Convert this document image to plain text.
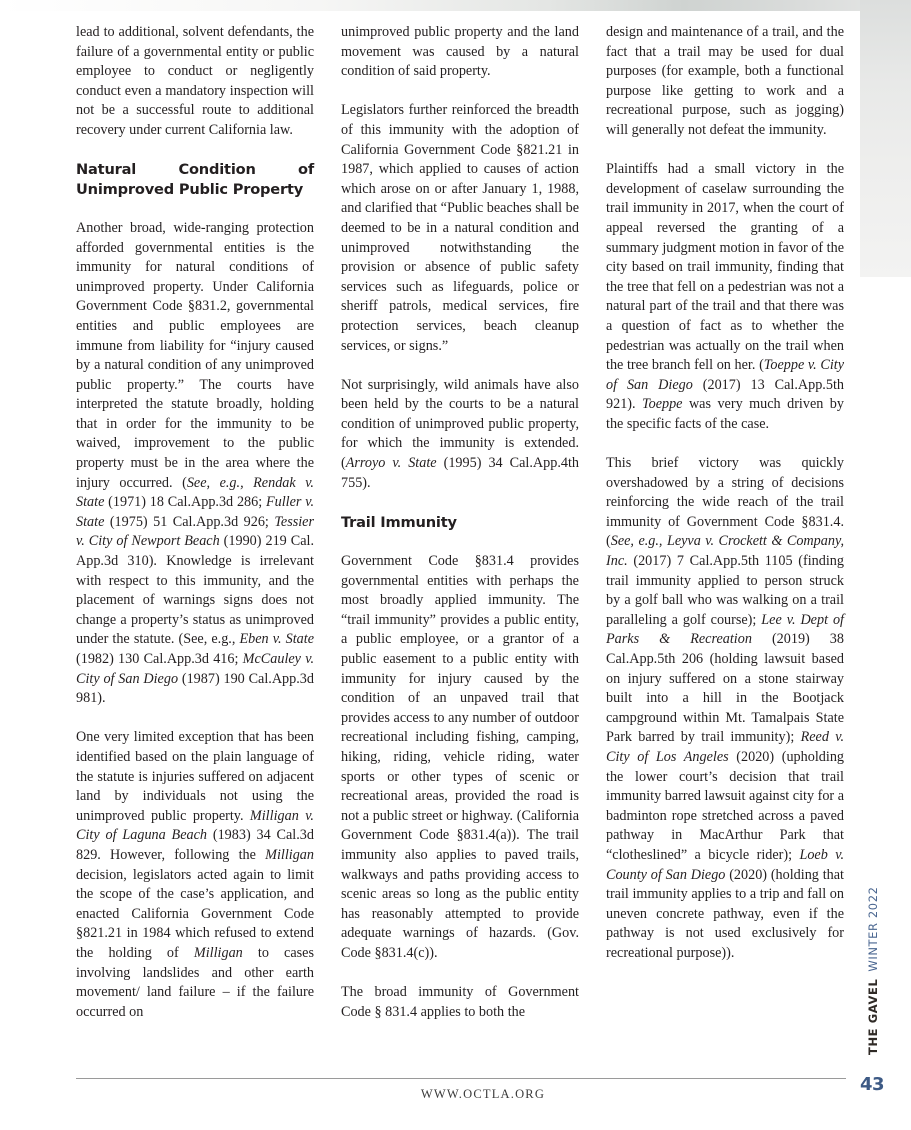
lead to additional, solvent defendants, the failure of a governmental entity or public employee to conduct or negligently conduct even a mandatory inspection will not be a successful route to additional recovery under current California law.

Natural Condition of Unimproved Public Property

Another broad, wide-ranging protection afforded governmental entities is the immunity for natural conditions of unimproved property. Under California Government Code §831.2, governmental entities and public employees are immune from liability for “injury caused by a natural condition of any unimproved public property.” The courts have interpreted the statute broadly, holding that in order for the immunity to be waived, improvement to the public property must be in the area where the injury occurred. (See, e.g., Rendak v. State (1971) 18 Cal.App.3d 286; Fuller v. State (1975) 51 Cal.App.3d 926; Tessier v. City of Newport Beach (1990) 219 Cal. App.3d 310). Knowledge is irrelevant with respect to this immunity, and the placement of warnings signs does not change a property’s status as unimproved under the statute. (See, e.g., Eben v. State (1982) 130 Cal.App.3d 416; McCauley v. City of San Diego (1987) 190 Cal.App.3d 981).

One very limited exception that has been identified based on the plain language of the statute is injuries suffered on adjacent land by individuals not using the unimproved public property. Milligan v. City of Laguna Beach (1983) 34 Cal.3d 829. However, following the Milligan decision, legislators acted again to limit the scope of the case’s application, and enacted California Government Code §821.21 in 1984 which refused to extend the holding of Milligan to cases involving landslides and other earth movement/ land failure – if the failure occurred on

unimproved public property and the land movement was caused by a natural condition of said property.

Legislators further reinforced the breadth of this immunity with the adoption of California Government Code §821.21 in 1987, which applied to causes of action which arose on or after January 1, 1988, and clarified that “Public beaches shall be deemed to be in a natural condition and unimproved notwithstanding the provision or absence of public safety services such as lifeguards, police or sheriff patrols, medical services, fire protection services, beach cleanup services, or signs.”

Not surprisingly, wild animals have also been held by the courts to be a natural condition of unimproved public property, for which the immunity is extended. (Arroyo v. State (1995) 34 Cal.App.4th 755).

Trail Immunity

Government Code §831.4 provides governmental entities with perhaps the most broadly applied immunity. The “trail immunity” provides a public entity, a public employee, or a grantor of a public easement to a public entity with immunity for injury caused by the condition of an unpaved trail that provides access to any number of outdoor recreational including fishing, camping, hiking, riding, vehicle riding, water sports or other types of scenic or recreational areas, provided the road is not a public street or highway. (California Government Code §831.4(a)). The trail immunity also applies to paved trails, walkways and paths providing access to scenic areas so long as the public entity has reasonably attempted to provide adequate warnings of hazards. (Gov. Code §831.4(c)).

The broad immunity of Government Code § 831.4 applies to both the

design and maintenance of a trail, and the fact that a trail may be used for dual purposes (for example, both a functional purpose like getting to work and a recreational purpose, such as jogging) will generally not defeat the immunity.

Plaintiffs had a small victory in the development of caselaw surrounding the trail immunity in 2017, when the court of appeal reversed the granting of a summary judgment motion in favor of the city based on trail immunity, finding that the tree that fell on a pedestrian was not a natural part of the trail and that there was a question of fact as to whether the pedestrian was actually on the trail when the tree branch fell on her. (Toeppe v. City of San Diego (2017) 13 Cal.App.5th 921). Toeppe was very much driven by the specific facts of the case.

This brief victory was quickly overshadowed by a string of decisions reinforcing the wide reach of the trail immunity of Government Code §831.4. (See, e.g., Leyva v. Crockett & Company, Inc. (2017) 7 Cal.App.5th 1105 (finding trail immunity applied to person struck by a golf ball who was walking on a trail paralleling a golf course); Lee v. Dept of Parks & Recreation (2019) 38 Cal.App.5th 206 (holding lawsuit based on injury suffered on a stone stairway built into a hill in the Bootjack campground within Mt. Tamalpais State Park barred by trail immunity); Reed v. City of Los Angeles (2020) (upholding the lower court’s decision that trail immunity barred lawsuit against city for a badminton rope stretched across a paved pathway in MacArthur Park that “clotheslined” a bicycle rider); Loeb v. County of San Diego (2020) (holding that trail immunity applies to a trip and fall on uneven concrete pathway, even if the pathway is not used exclusively for recreational purpose)).

WWW.OCTLA.ORG	43
THE GAVELWINTER 2022
